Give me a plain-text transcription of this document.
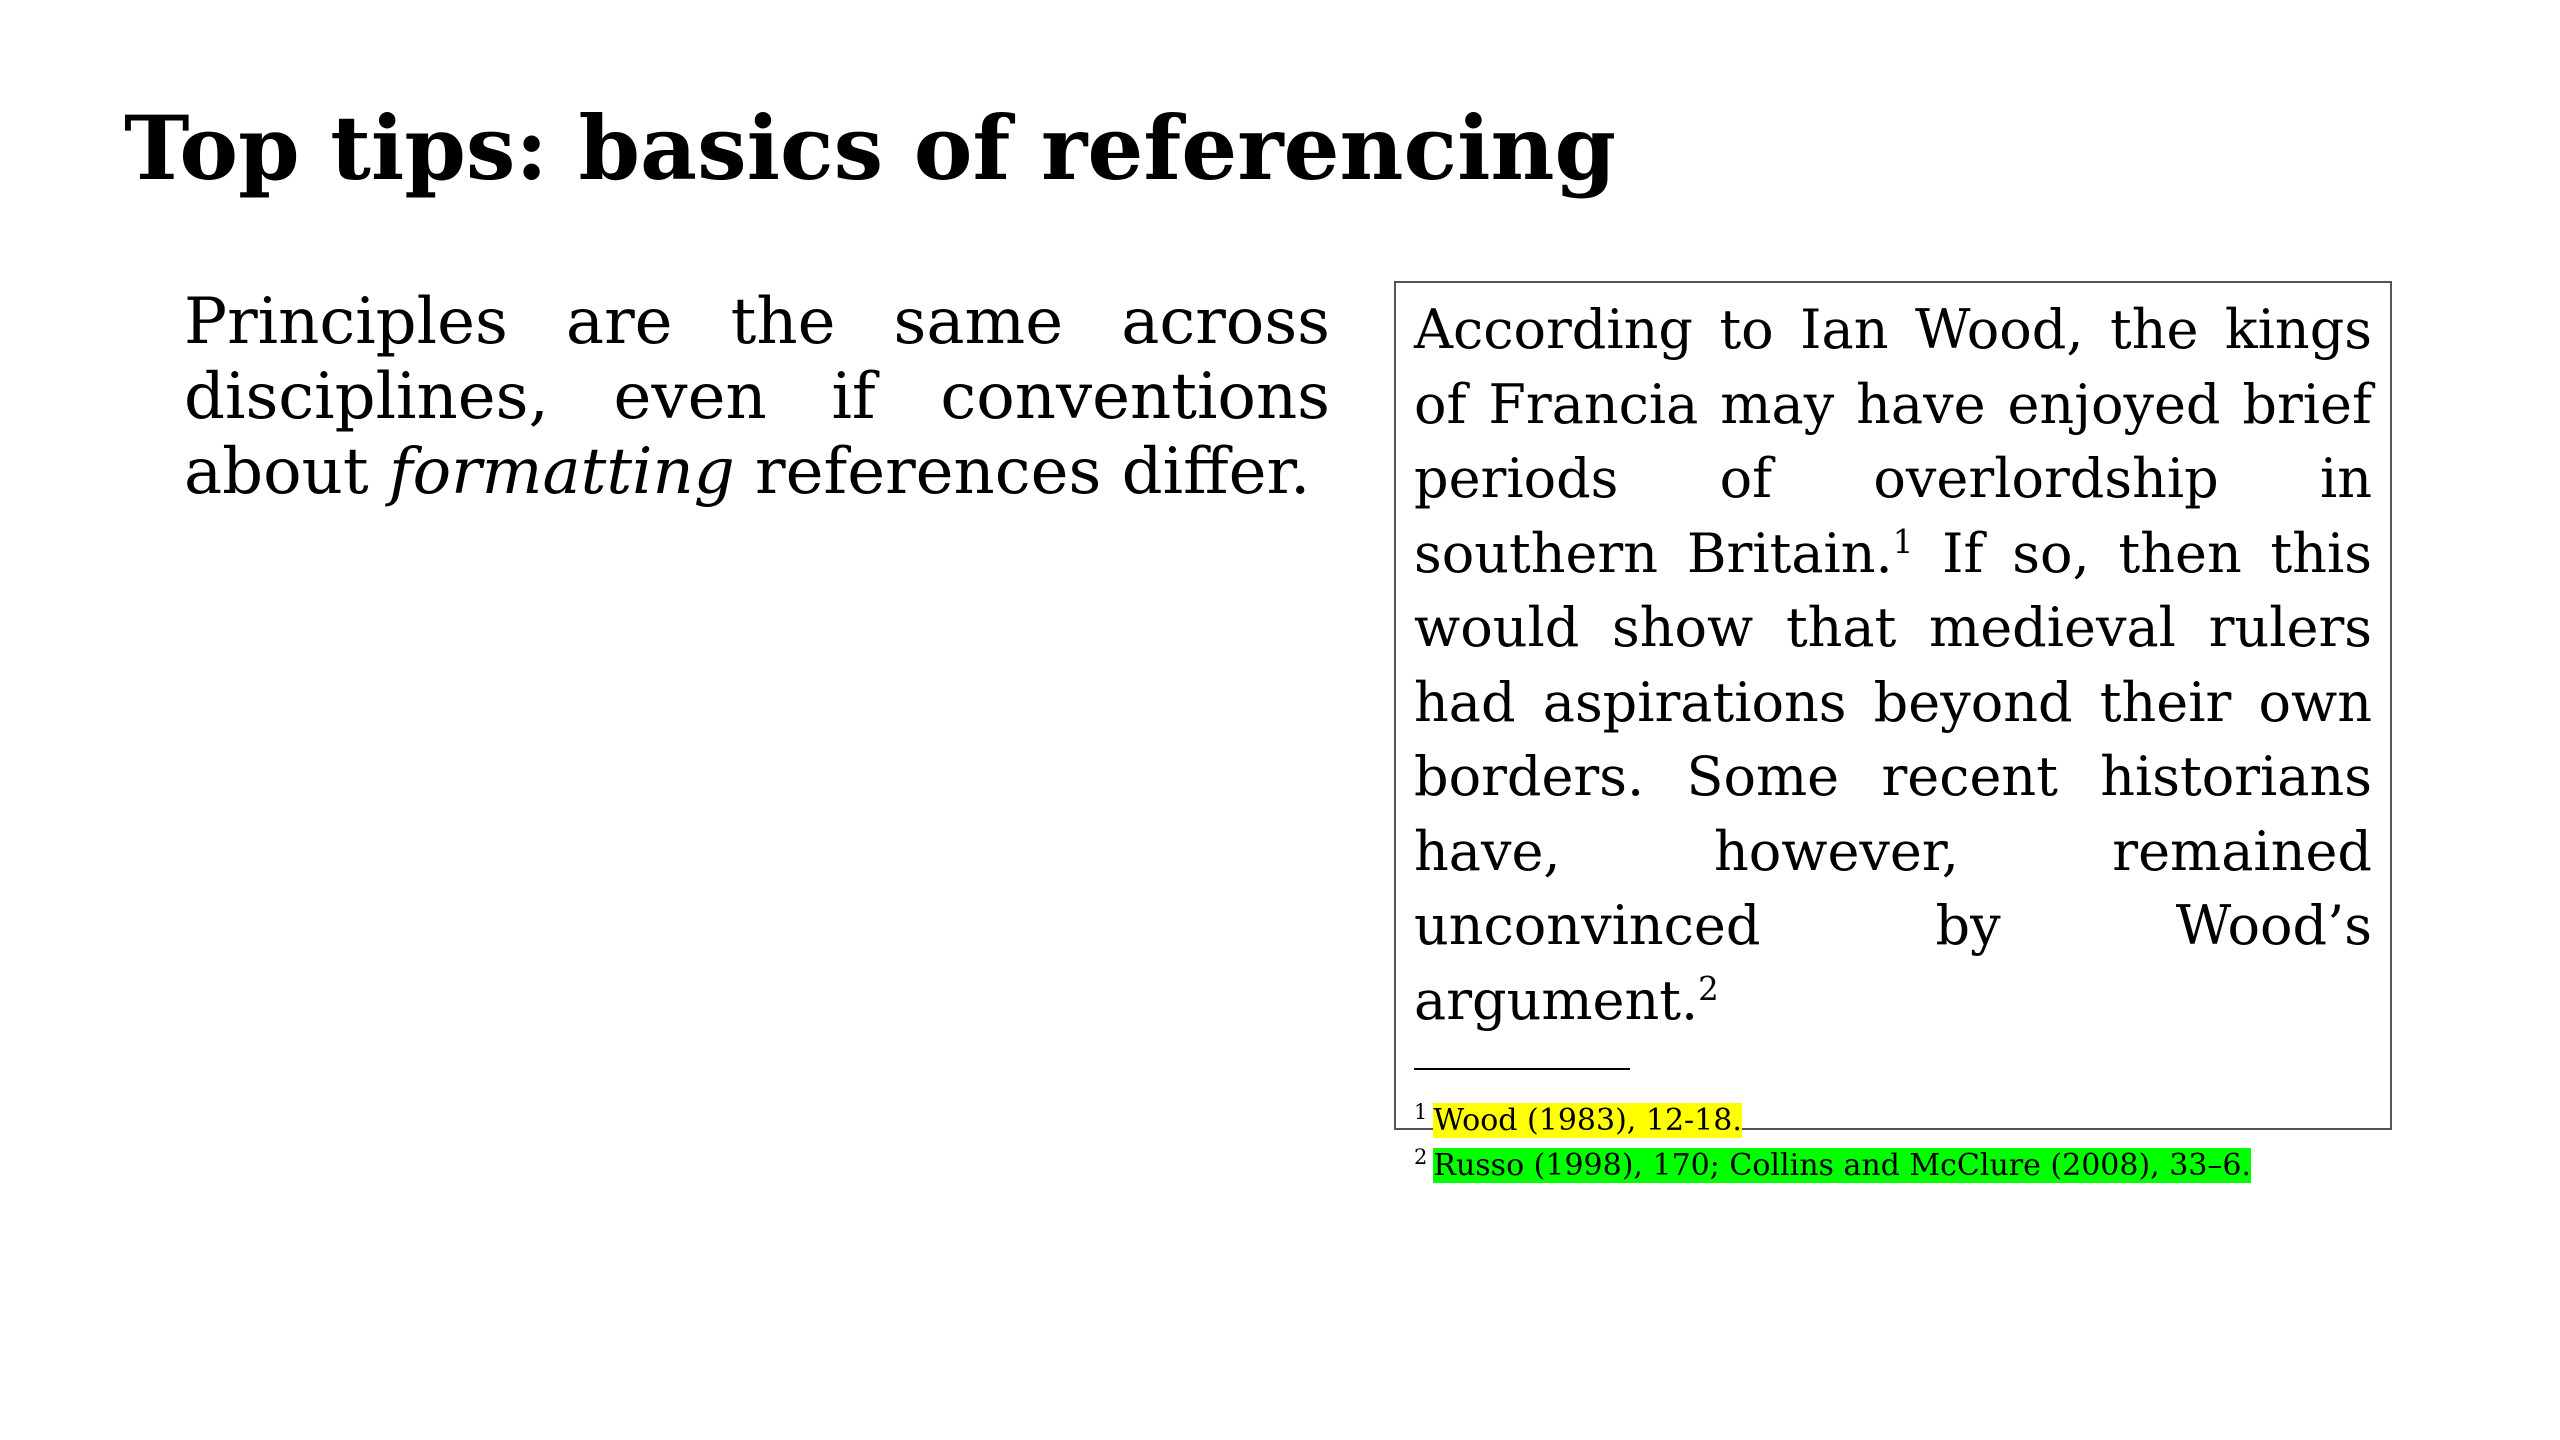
Top tips: basics of referencing

Principles are the same across disciplines, even if conventions about formatting references differ.

According to Ian Wood, the kings of Francia may have enjoyed brief periods of overlordship in southern Britain.$^1$ If so, then this would show that medieval rulers had aspirations beyond their own borders. Some recent historians have, however, remained unconvinced by Wood’s argument.$^2$

$^1$ Wood (1983), 12-18.

$^2$ Russo (1998), 170; Collins and McClure (2008), 33–6.
